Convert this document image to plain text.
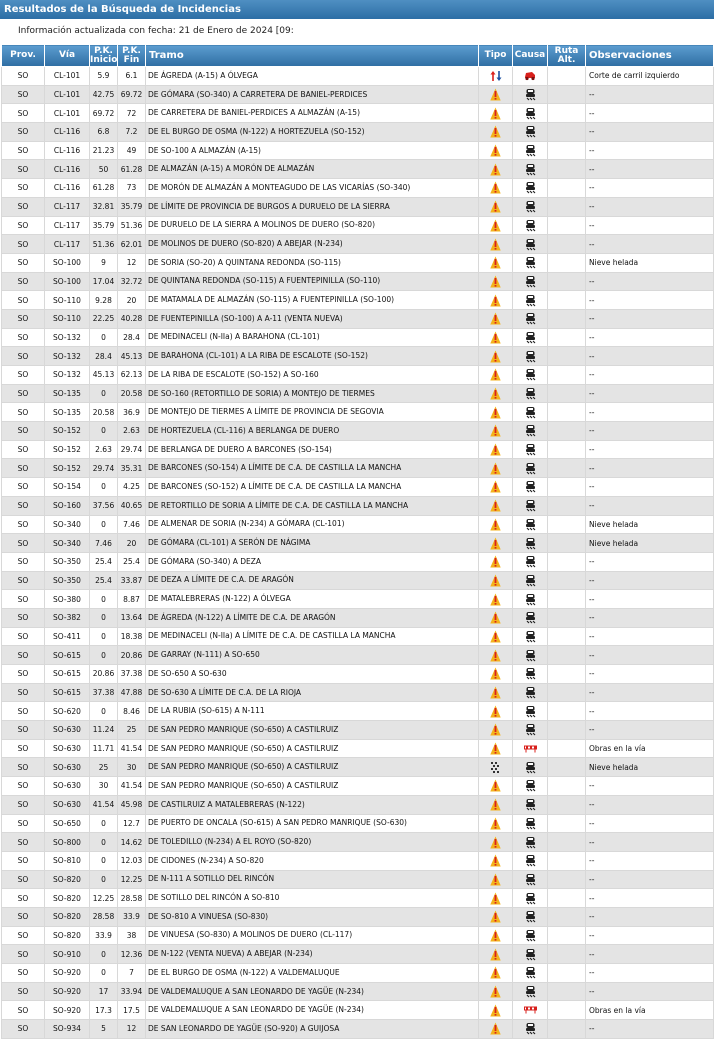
Resultados de la Búsqueda de Incidencias
Información actualizada con fecha: 21 de Enero de 2024 [09:
Prov.	Vía	P.K. Inicio	P.K. Fin	Tramo	Tipo	Causa	Ruta Alt.	Observaciones
SO	CL-101	5.9	6.1	DE ÁGREDA (A-15) A ÓLVEGA				Corte de carril izquierdo
SO	CL-101	42.75	69.72	DE GÓMARA (SO-340) A CARRETERA DE BANIEL-PERDICES				--
SO	CL-101	69.72	72	DE CARRETERA DE BANIEL-PERDICES A ALMAZÁN (A-15)				--
SO	CL-116	6.8	7.2	DE EL BURGO DE OSMA (N-122) A HORTEZUELA (SO-152)				--
SO	CL-116	21.23	49	DE SO-100 A ALMAZÁN (A-15)				--
SO	CL-116	50	61.28	DE ALMAZÁN (A-15) A MORÓN DE ALMAZÁN				--
SO	CL-116	61.28	73	DE MORÓN DE ALMAZÁN A MONTEAGUDO DE LAS VICARÍAS (SO-340)				--
SO	CL-117	32.81	35.79	DE LÍMITE DE PROVINCIA DE BURGOS A DURUELO DE LA SIERRA				--
SO	CL-117	35.79	51.36	DE DURUELO DE LA SIERRA A MOLINOS DE DUERO (SO-820)				--
SO	CL-117	51.36	62.01	DE MOLINOS DE DUERO (SO-820) A ABEJAR (N-234)				--
SO	SO-100	9	12	DE SORIA (SO-20) A QUINTANA REDONDA (SO-115)				Nieve helada
SO	SO-100	17.04	32.72	DE QUINTANA REDONDA (SO-115) A FUENTEPINILLA (SO-110)				--
SO	SO-110	9.28	20	DE MATAMALA DE ALMAZÁN (SO-115) A FUENTEPINILLA (SO-100)				--
SO	SO-110	22.25	40.28	DE FUENTEPINILLA (SO-100) A A-11 (VENTA NUEVA)				--
SO	SO-132	0	28.4	DE MEDINACELI (N-IIa) A BARAHONA (CL-101)				--
SO	SO-132	28.4	45.13	DE BARAHONA (CL-101) A LA RIBA DE ESCALOTE (SO-152)				--
SO	SO-132	45.13	62.13	DE LA RIBA DE ESCALOTE (SO-152) A SO-160				--
SO	SO-135	0	20.58	DE SO-160 (RETORTILLO DE SORIA) A MONTEJO DE TIERMES				--
SO	SO-135	20.58	36.9	DE MONTEJO DE TIERMES A LÍMITE DE PROVINCIA DE SEGOVIA				--
SO	SO-152	0	2.63	DE HORTEZUELA (CL-116) A BERLANGA DE DUERO				--
SO	SO-152	2.63	29.74	DE BERLANGA DE DUERO A BARCONES (SO-154)				--
SO	SO-152	29.74	35.31	DE BARCONES (SO-154) A LÍMITE DE C.A. DE CASTILLA LA MANCHA				--
SO	SO-154	0	4.25	DE BARCONES (SO-152) A LÍMITE DE C.A. DE CASTILLA LA MANCHA				--
SO	SO-160	37.56	40.65	DE RETORTILLO DE SORIA A LÍMITE DE C.A. DE CASTILLA LA MANCHA				--
SO	SO-340	0	7.46	DE ALMENAR DE SORIA (N-234) A GÓMARA (CL-101)				Nieve helada
SO	SO-340	7.46	20	DE GÓMARA (CL-101) A SERÓN DE NÁGIMA				Nieve helada
SO	SO-350	25.4	25.4	DE GÓMARA (SO-340) A DEZA				--
SO	SO-350	25.4	33.87	DE DEZA A LÍMITE DE C.A. DE ARAGÓN				--
SO	SO-380	0	8.87	DE MATALEBRERAS (N-122) A ÓLVEGA				--
SO	SO-382	0	13.64	DE ÁGREDA (N-122) A LÍMITE DE C.A. DE ARAGÓN				--
SO	SO-411	0	18.38	DE MEDINACELI (N-IIa) A LÍMITE DE C.A. DE CASTILLA LA MANCHA				--
SO	SO-615	0	20.86	DE GARRAY (N-111) A SO-650				--
SO	SO-615	20.86	37.38	DE SO-650 A SO-630				--
SO	SO-615	37.38	47.88	DE SO-630 A LÍMITE DE C.A. DE LA RIOJA				--
SO	SO-620	0	8.46	DE LA RUBIA (SO-615) A N-111				--
SO	SO-630	11.24	25	DE SAN PEDRO MANRIQUE (SO-650) A CASTILRUIZ				--
SO	SO-630	11.71	41.54	DE SAN PEDRO MANRIQUE (SO-650) A CASTILRUIZ				Obras en la vía
SO	SO-630	25	30	DE SAN PEDRO MANRIQUE (SO-650) A CASTILRUIZ				Nieve helada
SO	SO-630	30	41.54	DE SAN PEDRO MANRIQUE (SO-650) A CASTILRUIZ				--
SO	SO-630	41.54	45.98	DE CASTILRUIZ A MATALEBRERAS (N-122)				--
SO	SO-650	0	12.7	DE PUERTO DE ONCALA (SO-615) A SAN PEDRO MANRIQUE (SO-630)				--
SO	SO-800	0	14.62	DE TOLEDILLO (N-234) A EL ROYO (SO-820)				--
SO	SO-810	0	12.03	DE CIDONES (N-234) A SO-820				--
SO	SO-820	0	12.25	DE N-111 A SOTILLO DEL RINCÓN				--
SO	SO-820	12.25	28.58	DE SOTILLO DEL RINCÓN A SO-810				--
SO	SO-820	28.58	33.9	DE SO-810 A VINUESA (SO-830)				--
SO	SO-820	33.9	38	DE VINUESA (SO-830) A MOLINOS DE DUERO (CL-117)				--
SO	SO-910	0	12.36	DE N-122 (VENTA NUEVA) A ABEJAR (N-234)				--
SO	SO-920	0	7	DE EL BURGO DE OSMA (N-122) A VALDEMALUQUE				--
SO	SO-920	17	33.94	DE VALDEMALUQUE A SAN LEONARDO DE YAGÜE (N-234)				--
SO	SO-920	17.3	17.5	DE VALDEMALUQUE A SAN LEONARDO DE YAGÜE (N-234)				Obras en la vía
SO	SO-934	5	12	DE SAN LEONARDO DE YAGÜE (SO-920) A GUIJOSA				--
